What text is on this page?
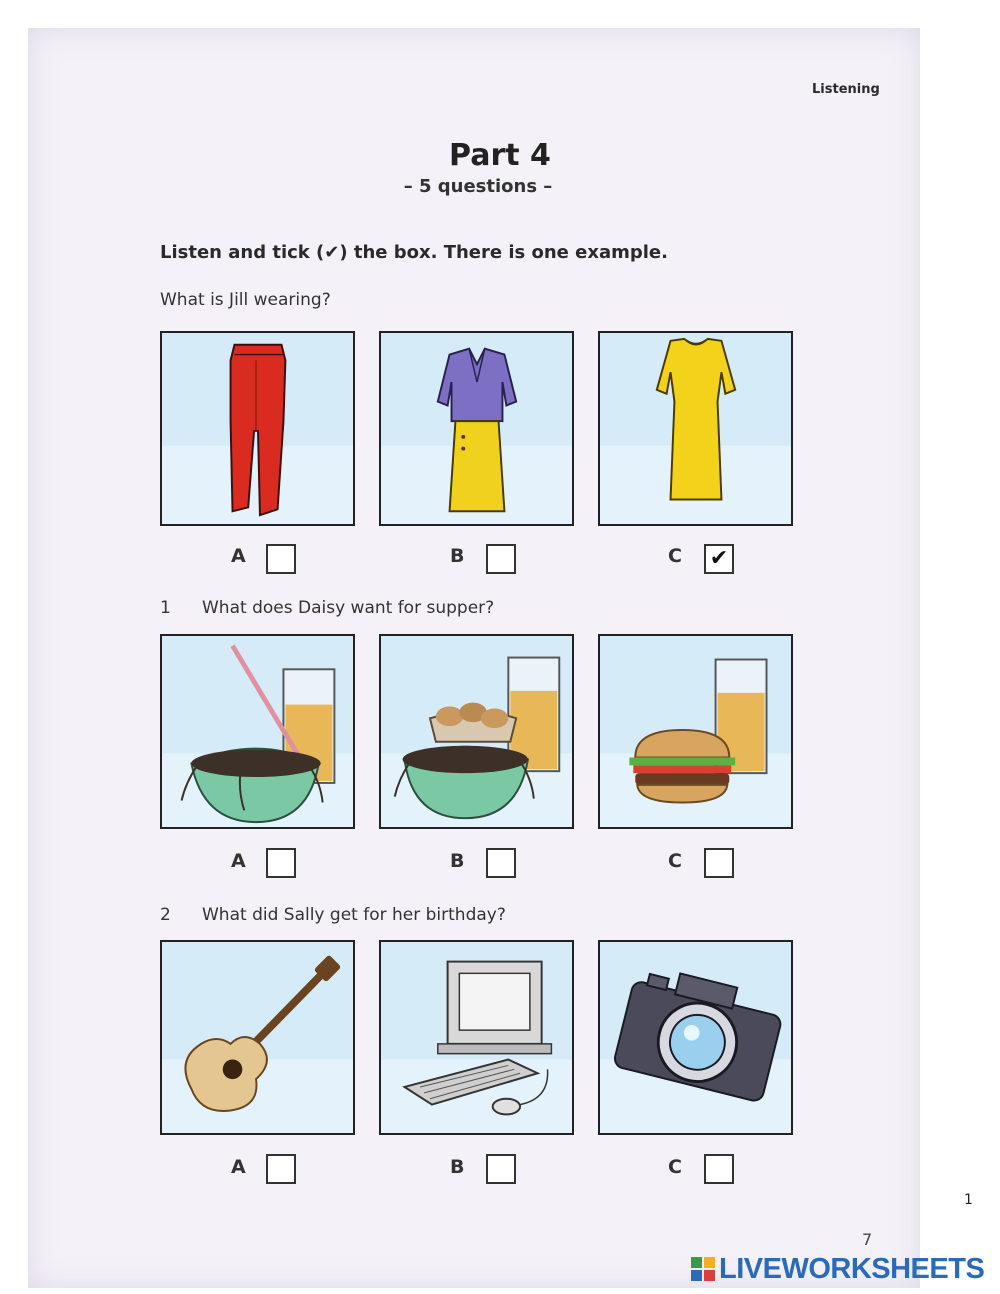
Listening
Part 4
– 5 questions –
Listen and tick (✔) the box. There is one example.
What is Jill wearing?
A	B	C ✔
1 What does Daisy want for supper?
A	B	C
2 What did Sally get for her birthday?
A	B	C
1
7
LIVEWORKSHEETS
